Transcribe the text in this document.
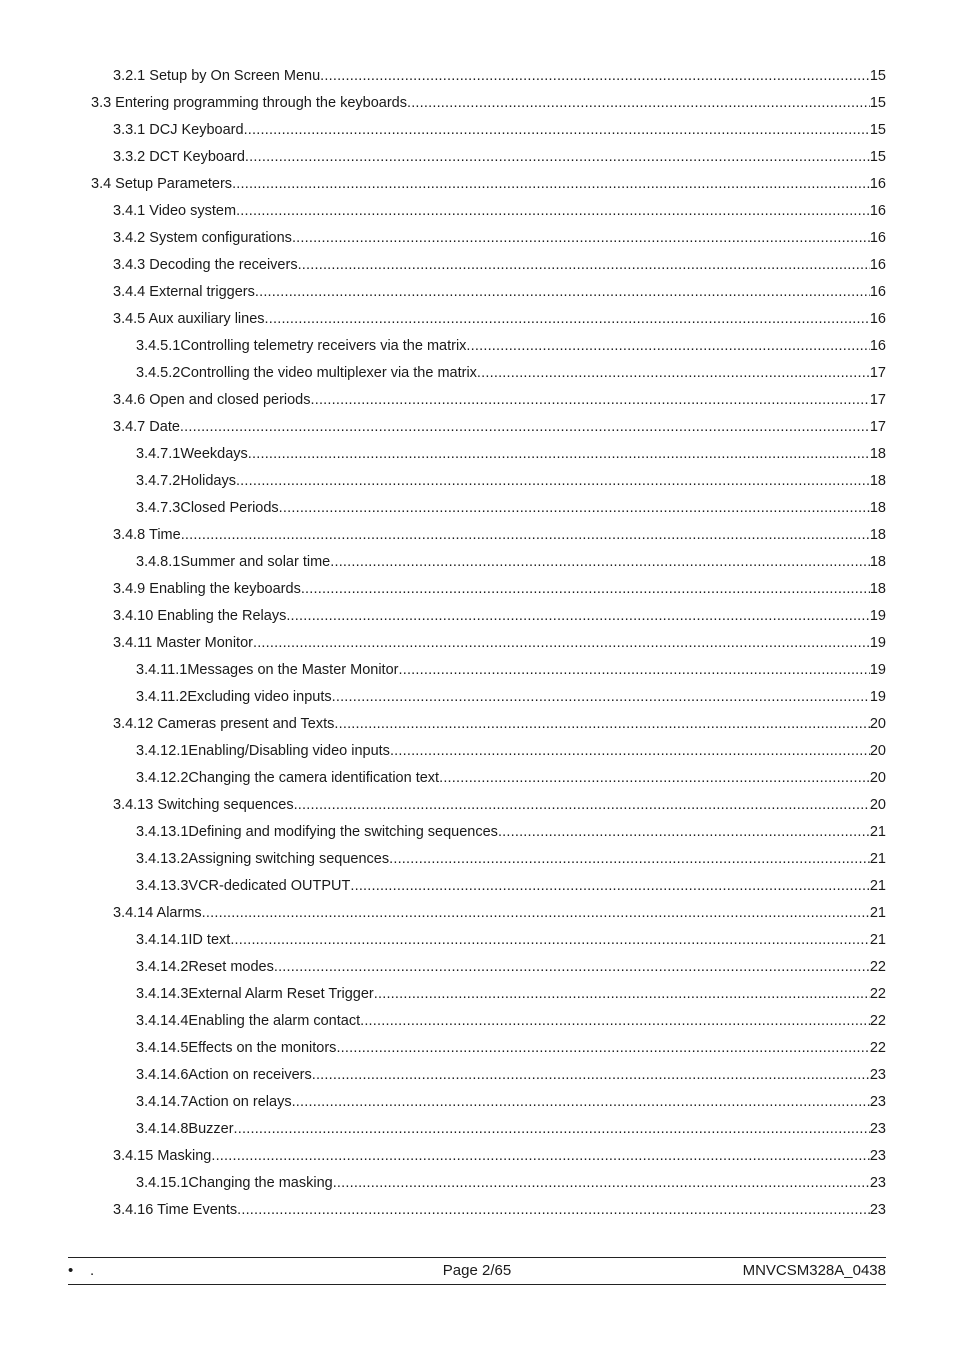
3.2.1 Setup by On Screen Menu .....	15
3.3 Entering programming through the keyboards .....	15
3.3.1 DCJ Keyboard .....	15
3.3.2 DCT Keyboard .....	15
3.4 Setup Parameters .....	16
3.4.1 Video system .....	16
3.4.2 System configurations .....	16
3.4.3 Decoding the receivers .....	16
3.4.4 External triggers .....	16
3.4.5 Aux auxiliary lines .....	16
3.4.5.1Controlling telemetry receivers via the matrix .....	16
3.4.5.2Controlling the video multiplexer via the matrix .....	17
3.4.6 Open and closed periods .....	17
3.4.7 Date .....	17
3.4.7.1Weekdays .....	18
3.4.7.2Holidays .....	18
3.4.7.3Closed Periods .....	18
3.4.8 Time .....	18
3.4.8.1Summer and solar time .....	18
3.4.9 Enabling the keyboards .....	18
3.4.10 Enabling the Relays .....	19
3.4.11 Master Monitor .....	19
3.4.11.1Messages on the Master Monitor .....	19
3.4.11.2Excluding video inputs .....	19
3.4.12 Cameras present and Texts .....	20
3.4.12.1Enabling/Disabling video inputs .....	20
3.4.12.2Changing the camera identification text .....	20
3.4.13 Switching sequences .....	20
3.4.13.1Defining and modifying the switching sequences .....	21
3.4.13.2Assigning switching sequences .....	21
3.4.13.3VCR-dedicated OUTPUT .....	21
3.4.14 Alarms .....	21
3.4.14.1ID text .....	21
3.4.14.2Reset modes .....	22
3.4.14.3External Alarm Reset Trigger .....	22
3.4.14.4Enabling the alarm contact .....	22
3.4.14.5Effects on the monitors .....	22
3.4.14.6Action on receivers .....	23
3.4.14.7Action on relays .....	23
3.4.14.8Buzzer .....	23
3.4.15 Masking .....	23
3.4.15.1Changing the masking .....	23
3.4.16 Time Events .....	23
• .	Page 2/65	MNVCSM328A_0438
